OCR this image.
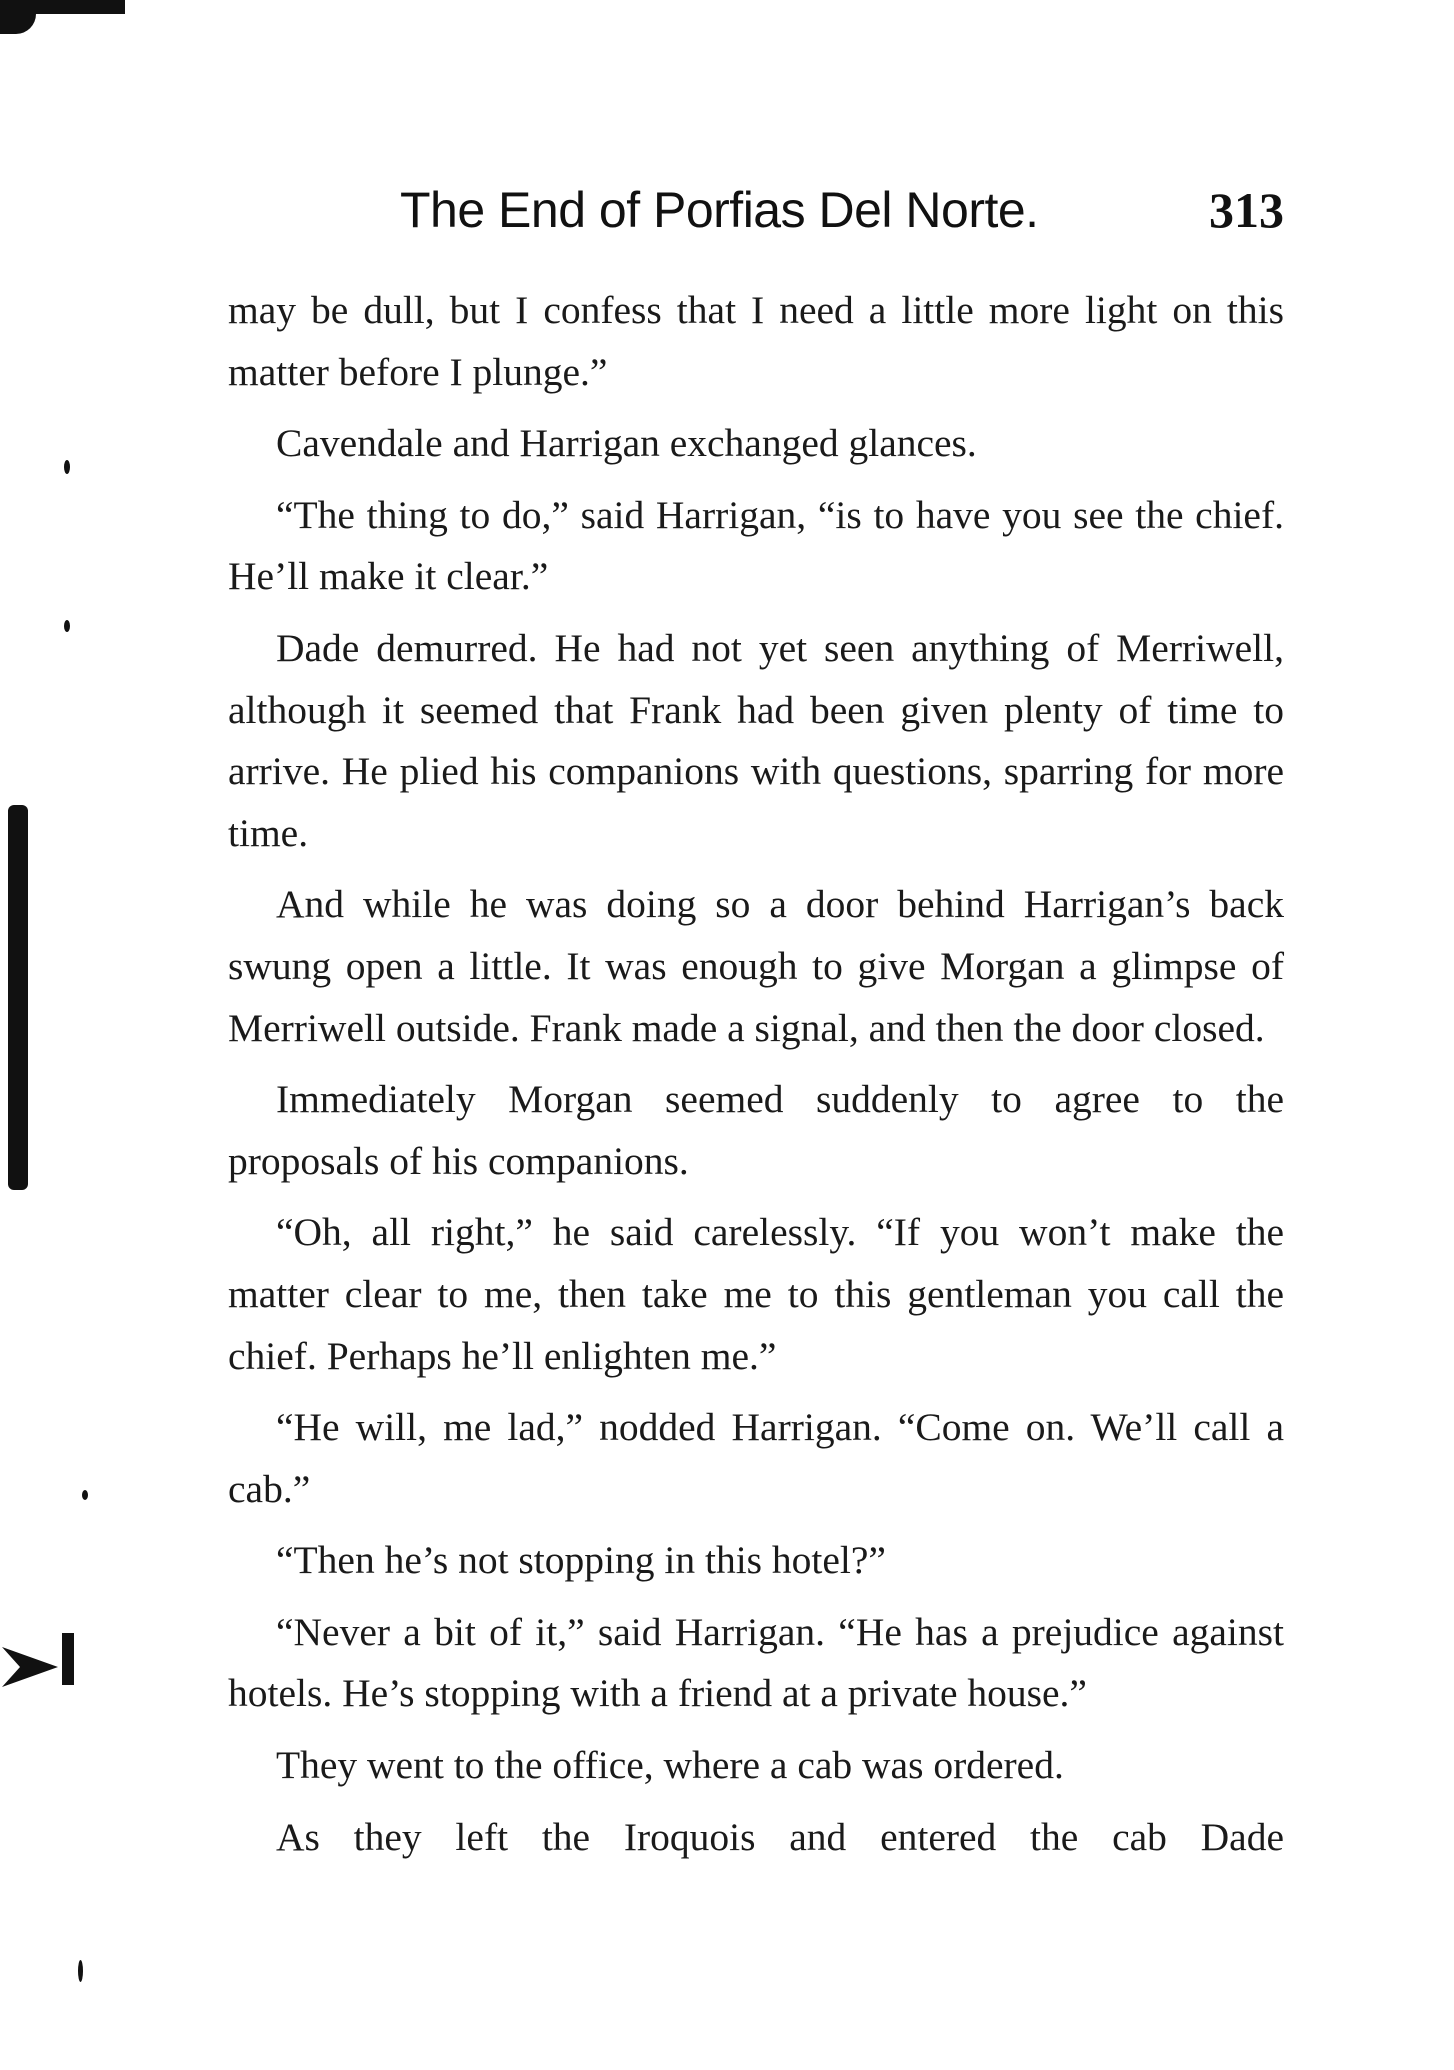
The End of Porfias Del Norte.	313

may be dull, but I confess that I need a little more light on this matter before I plunge.”

Cavendale and Harrigan exchanged glances.

“The thing to do,” said Harrigan, “is to have you see the chief. He’ll make it clear.”

Dade demurred. He had not yet seen anything of Merriwell, although it seemed that Frank had been given plenty of time to arrive. He plied his companions with questions, sparring for more time.

And while he was doing so a door behind Harrigan’s back swung open a little. It was enough to give Morgan a glimpse of Merriwell outside. Frank made a signal, and then the door closed.

Immediately Morgan seemed suddenly to agree to the proposals of his companions.

“Oh, all right,” he said carelessly. “If you won’t make the matter clear to me, then take me to this gentleman you call the chief. Perhaps he’ll enlighten me.”

“He will, me lad,” nodded Harrigan. “Come on. We’ll call a cab.”

“Then he’s not stopping in this hotel?”

“Never a bit of it,” said Harrigan. “He has a prejudice against hotels. He’s stopping with a friend at a private house.”

They went to the office, where a cab was ordered.

As they left the Iroquois and entered the cab Dade
